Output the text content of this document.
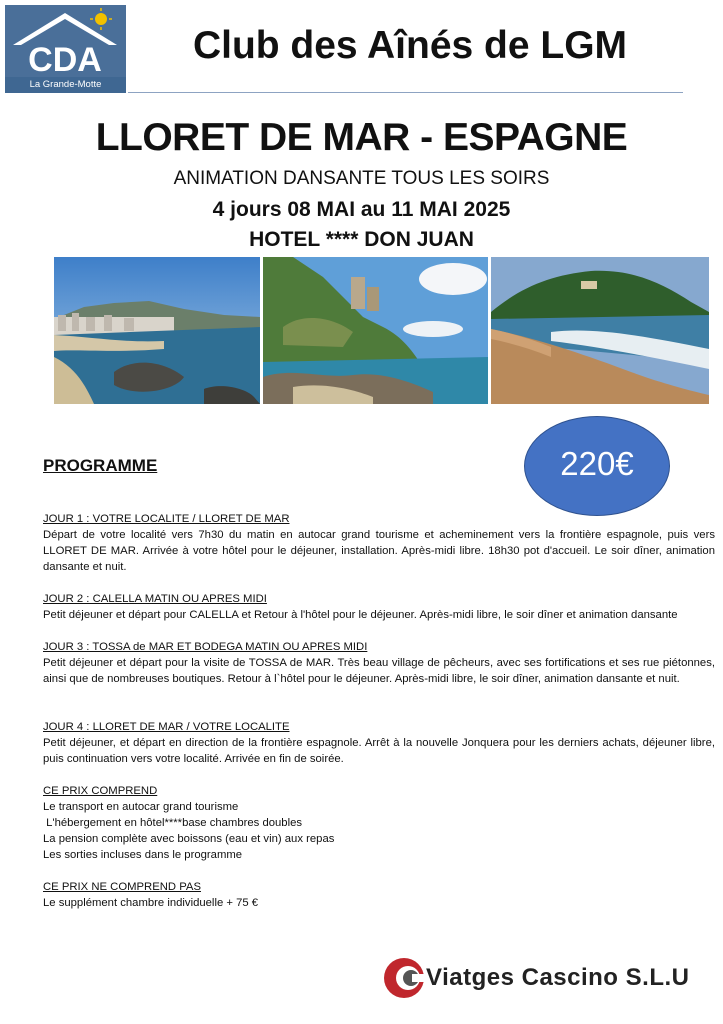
CDA
La Grande-Motte
Club des Aînés de LGM
LLORET DE MAR - ESPAGNE
ANIMATION DANSANTE TOUS LES SOIRS
4 jours 08 MAI au 11 MAI 2025
HOTEL **** DON JUAN
220€
PROGRAMME
JOUR 1 : VOTRE LOCALITE / LLORET DE MAR
Départ de votre localité vers 7h30 du matin en autocar grand tourisme et acheminement vers la frontière espagnole, puis vers LLORET DE MAR. Arrivée à votre hôtel pour le déjeuner, installation. Après-midi libre. 18h30 pot d'accueil. Le soir dîner, animation dansante et nuit.
JOUR 2 : CALELLA MATIN OU APRES MIDI
Petit déjeuner et départ pour CALELLA et Retour à l'hôtel pour le déjeuner. Après-midi libre, le soir dîner et animation dansante
JOUR 3 : TOSSA de MAR ET BODEGA MATIN OU APRES MIDI
Petit déjeuner et départ pour la visite de TOSSA de MAR. Très beau village de pêcheurs, avec ses fortifications et ses rue piétonnes, ainsi que de nombreuses boutiques. Retour à l`hôtel pour le déjeuner. Après-midi libre, le soir dîner, animation dansante et nuit.
JOUR 4 : LLORET DE MAR / VOTRE LOCALITE
Petit déjeuner, et départ en direction de la frontière espagnole. Arrêt à la nouvelle Jonquera pour les derniers achats, déjeuner libre, puis continuation vers votre localité. Arrivée en fin de soirée.
CE PRIX COMPREND
Le transport en autocar grand tourisme
L'hébergement en hôtel****base chambres doubles
La pension complète avec boissons (eau et vin) aux repas
Les sorties incluses dans le programme
CE PRIX NE COMPREND PAS
Le supplément chambre individuelle + 75 €
Viatges Cascino S.L.U
